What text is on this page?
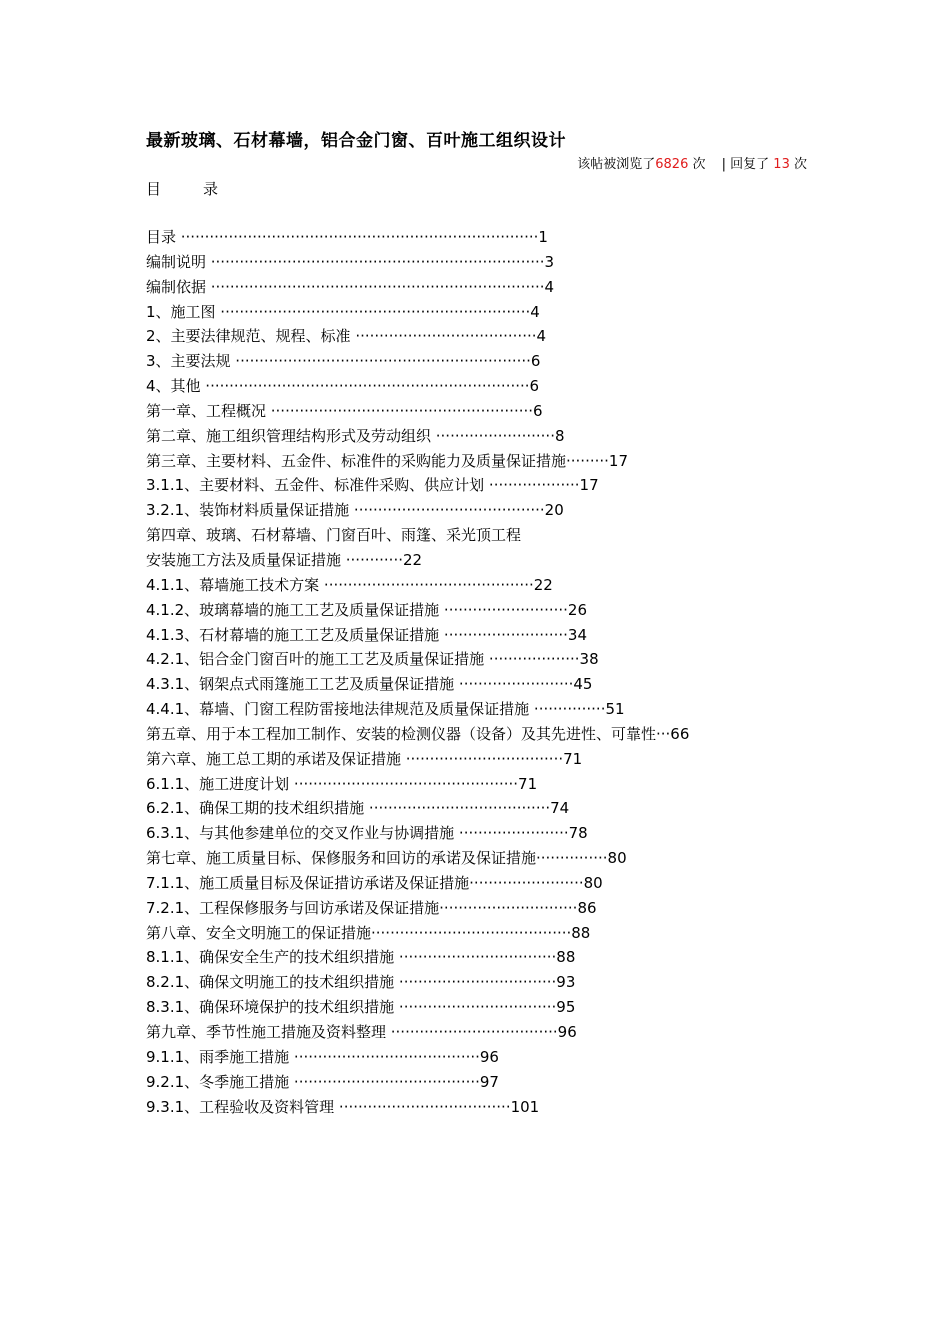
最新玻璃、石材幕墙，铝合金门窗、百叶施工组织设计
该帖被浏览了6826 次 | 回复了 13 次
目	录
目录 ···········································································1
编制说明 ······································································3
编制依据 ······································································4
1、施工图 ·································································4
2、主要法律规范、规程、标准 ······································4
3、主要法规 ······························································6
4、其他 ····································································6
第一章、工程概况 ·······················································6
第二章、施工组织管理结构形式及劳动组织 ·························8
第三章、主要材料、五金件、标准件的采购能力及质量保证措施·········17
3.1.1、主要材料、五金件、标准件采购、供应计划 ···················17
3.2.1、装饰材料质量保证措施 ········································20
第四章、玻璃、石材幕墙、门窗百叶、雨篷、采光顶工程
安装施工方法及质量保证措施 ············22
4.1.1、幕墙施工技术方案 ············································22
4.1.2、玻璃幕墙的施工工艺及质量保证措施 ··························26
4.1.3、石材幕墙的施工工艺及质量保证措施 ··························34
4.2.1、铝合金门窗百叶的施工工艺及质量保证措施 ···················38
4.3.1、钢架点式雨篷施工工艺及质量保证措施 ························45
4.4.1、幕墙、门窗工程防雷接地法律规范及质量保证措施 ···············51
第五章、用于本工程加工制作、安装的检测仪器（设备）及其先进性、可靠性···66
第六章、施工总工期的承诺及保证措施 ·································71
6.1.1、施工进度计划 ···············································71
6.2.1、确保工期的技术组织措施 ······································74
6.3.1、与其他参建单位的交叉作业与协调措施 ·······················78
第七章、施工质量目标、保修服务和回访的承诺及保证措施···············80
7.1.1、施工质量目标及保证措访承诺及保证措施························80
7.2.1、工程保修服务与回访承诺及保证措施·····························86
第八章、安全文明施工的保证措施··········································88
8.1.1、确保安全生产的技术组织措施 ·································88
8.2.1、确保文明施工的技术组织措施 ·································93
8.3.1、确保环境保护的技术组织措施 ·································95
第九章、季节性施工措施及资料整理 ···································96
9.1.1、雨季施工措施 ·······································96
9.2.1、冬季施工措施 ·······································97
9.3.1、工程验收及资料管理 ····································101
